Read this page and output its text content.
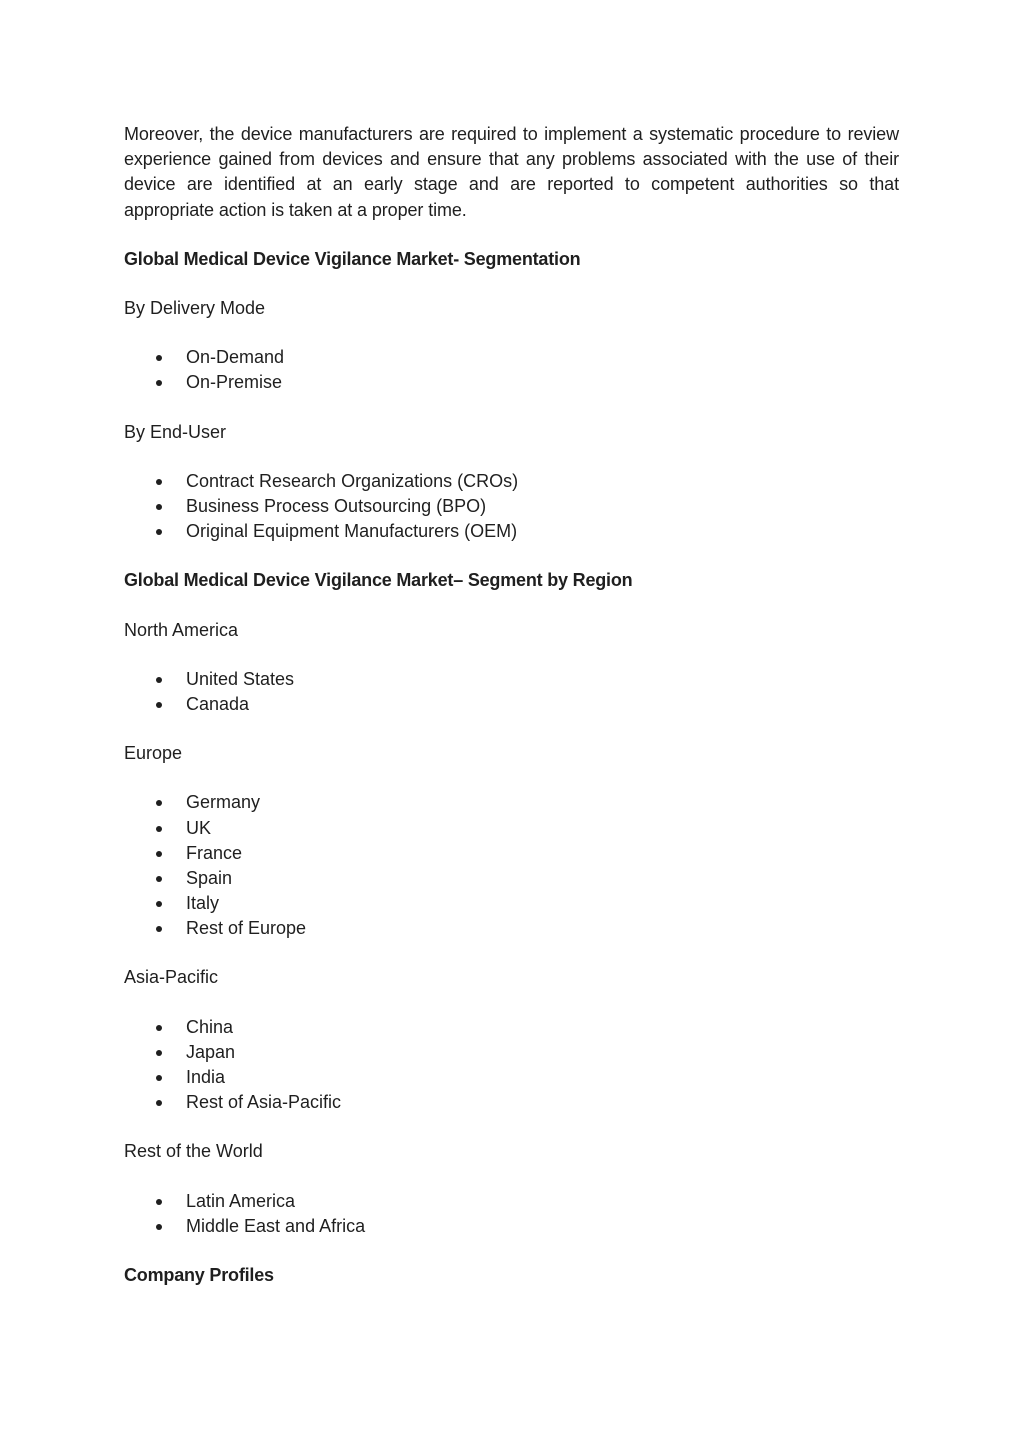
Moreover, the device manufacturers are required to implement a systematic procedure to review experience gained from devices and ensure that any problems associated with the use of their device are identified at an early stage and are reported to competent authorities so that appropriate action is taken at a proper time.

Global Medical Device Vigilance Market- Segmentation
By Delivery Mode
On-Demand
On-Premise
By End-User
Contract Research Organizations (CROs)
Business Process Outsourcing (BPO)
Original Equipment Manufacturers (OEM)
Global Medical Device Vigilance Market– Segment by Region
North America
United States
Canada
Europe
Germany
UK
France
Spain
Italy
Rest of Europe
Asia-Pacific
China
Japan
India
Rest of Asia-Pacific
Rest of the World
Latin America
Middle East and Africa
Company Profiles
